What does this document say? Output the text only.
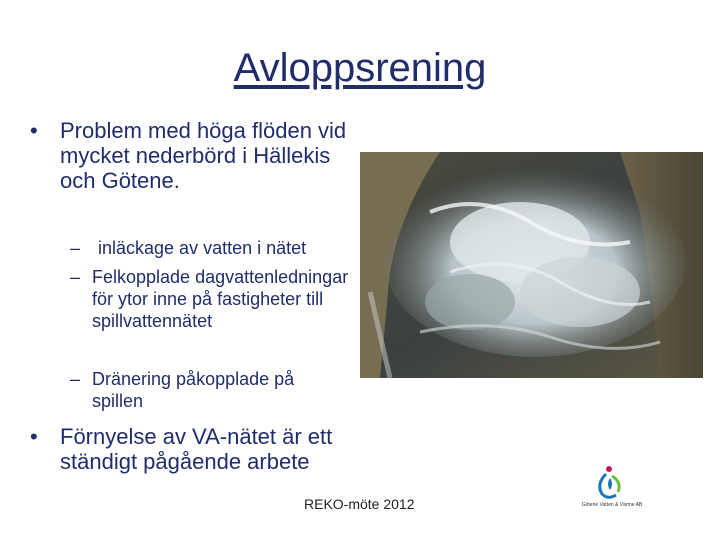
Avloppsrening
• Problem med höga flöden vid mycket nederbörd i Hällekis och Götene.
– inläckage av vatten i nätet
– Felkopplade dagvattenledningar för ytor inne på fastigheter till spillvattennätet
– Dränering påkopplade på spillen
• Förnyelse av VA-nätet är ett ständigt pågående arbete
REKO-möte 2012	Götene Vatten & Värme AB
